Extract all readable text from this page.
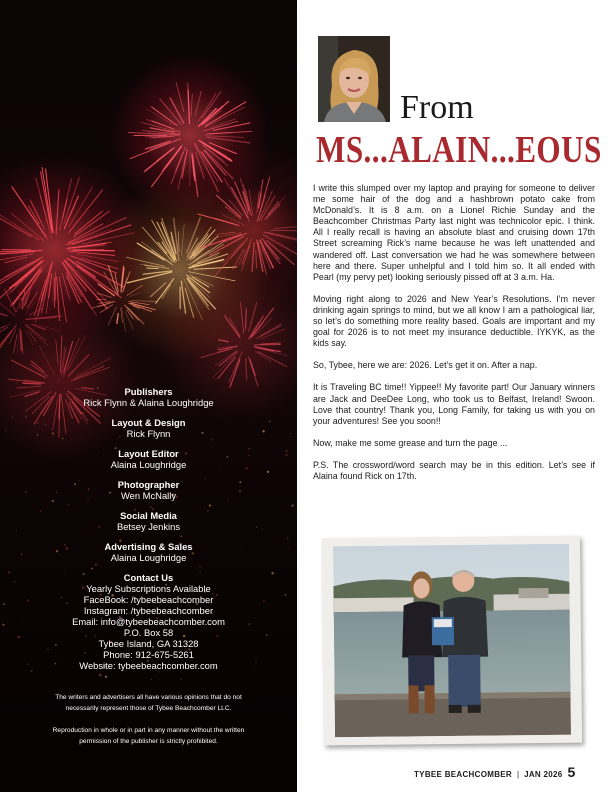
Publishers
Rick Flynn & Alaina Loughridge
Layout & Design
Rick Flynn
Layout Editor
Alaina Loughridge
Photographer
Wen McNally
Social Media
Betsey Jenkins
Advertising & Sales
Alaina Loughridge
Contact Us
Yearly Subscriptions Available
FaceBook: /tybeebeachcomber
Instagram: /tybeebeachcomber
Email: info@tybeebeachcomber.com
P.O. Box 58
Tybee Island, GA 31328
Phone: 912-675-5261
Website: tybeebeachcomber.com
The writers and advertisers all have various opinions that do not necessarily represent those of Tybee Beachcomber LLC.
Reproduction in whole or in part in any manner without the written permission of the publisher is strictly prohibited.
From
MS...ALAIN...EOUS

I write this slumped over my laptop and praying for someone to deliver me some hair of the dog and a hashbrown potato cake from McDonald’s. It is 8 a.m. on a Lionel Richie Sunday and the Beachcomber Christmas Party last night was technicolor epic. I think. All I really recall is having an absolute blast and cruising down 17th Street screaming Rick’s name because he was left unattended and wandered off. Last conversation we had he was somewhere between here and there. Super unhelpful and I told him so. It all ended with Pearl (my pervy pet) looking seriously pissed off at 3 a.m. Ha.

Moving right along to 2026 and New Year’s Resolutions. I’m never drinking again springs to mind, but we all know I am a pathological liar, so let’s do something more reality based. Goals are important and my goal for 2026 is to not meet my insurance deductible. IYKYK, as the kids say.

So, Tybee, here we are: 2026. Let’s get it on. After a nap.

It is Traveling BC time!! Yippee!! My favorite part! Our January winners are Jack and DeeDee Long, who took us to Belfast, Ireland! Swoon. Love that country! Thank you, Long Family, for taking us with you on your adventures! See you soon!!

Now, make me some grease and turn the page ...

P.S. The crossword/word search may be in this edition. Let’s see if Alaina found Rick on 17th.

TYBEE BEACHCOMBER | JAN 2026 5
